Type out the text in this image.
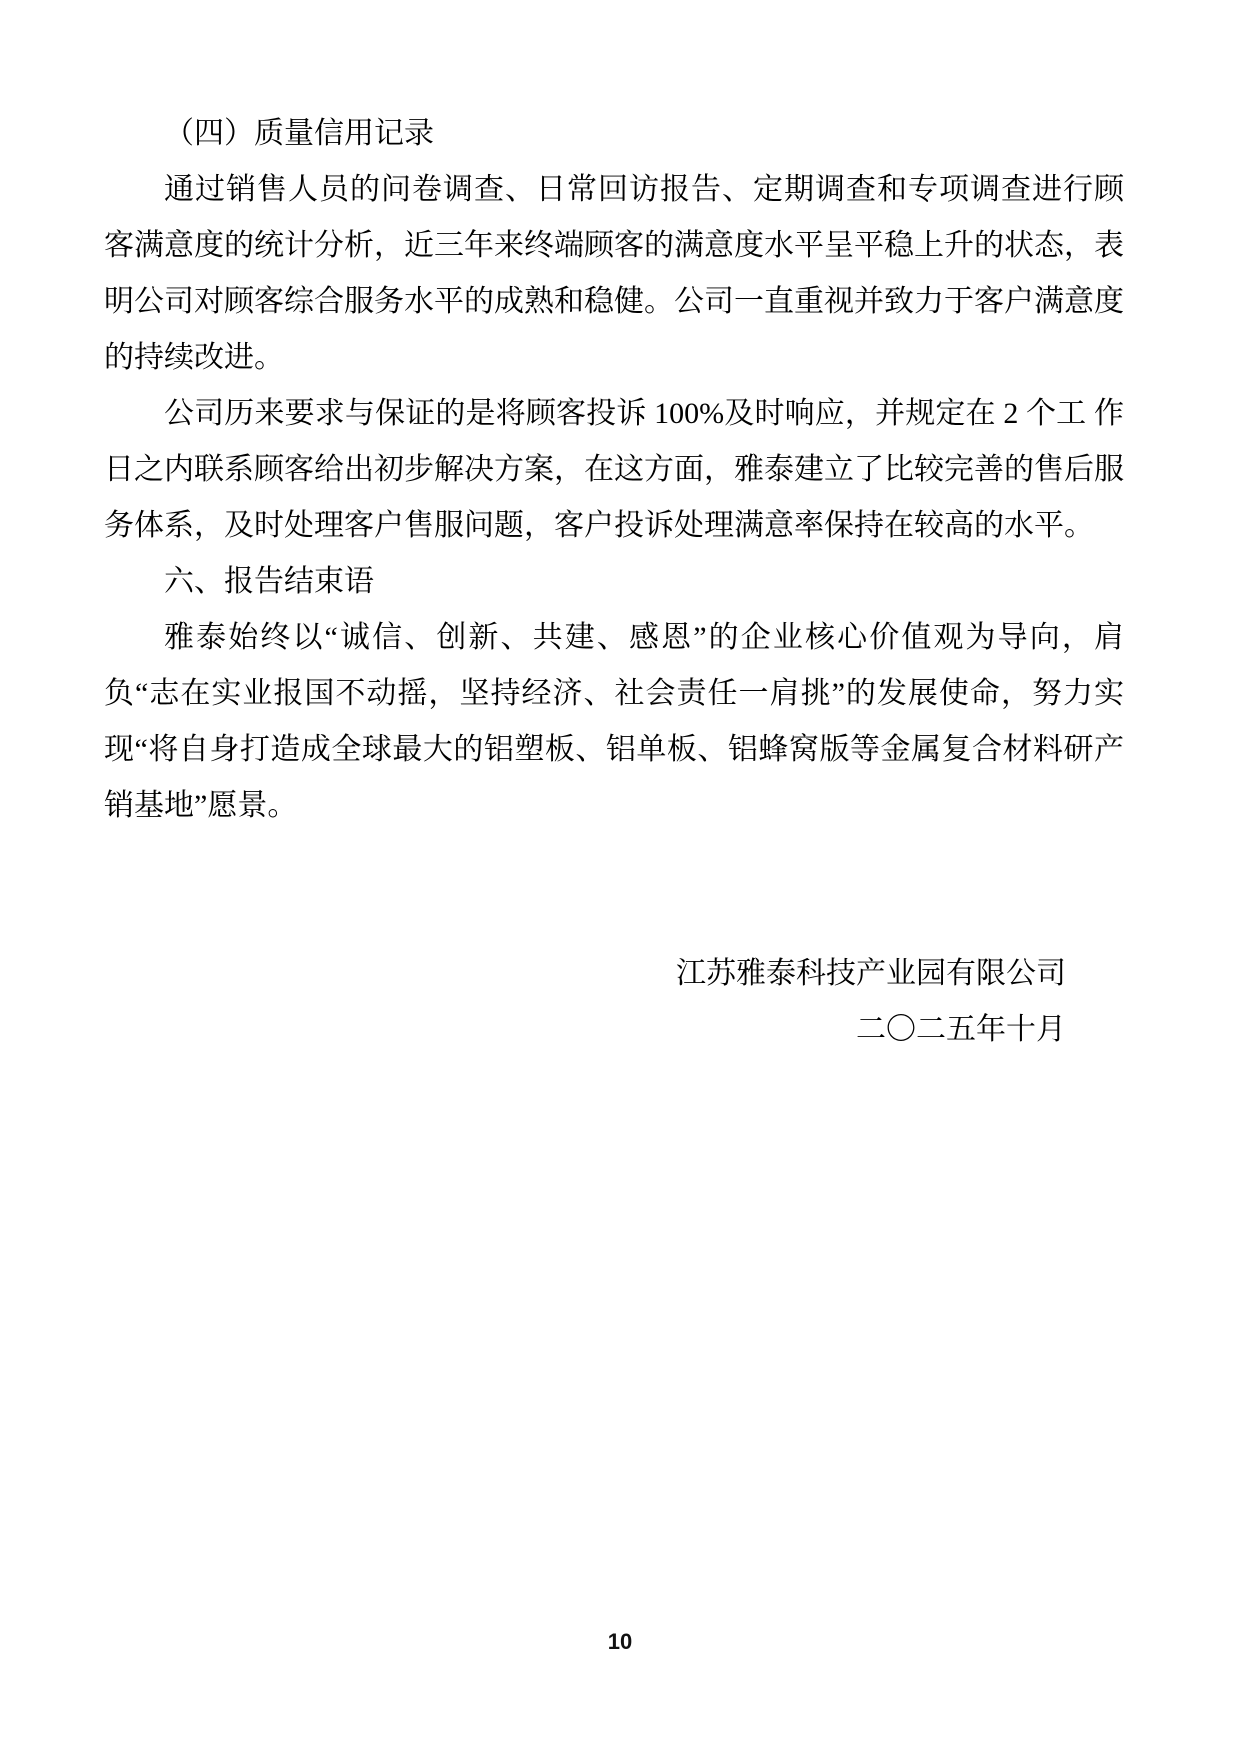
（四）质量信用记录

通过销售人员的问卷调查、日常回访报告、定期调查和专项调查进行顾 客满意度的统计分析，近三年来终端顾客的满意度水平呈平稳上升的状态，表明公司对顾客综合服务水平的成熟和稳健。公司一直重视并致力于客户满意度的持续改进。

公司历来要求与保证的是将顾客投诉 100%及时响应，并规定在 2 个工 作日之内联系顾客给出初步解决方案，在这方面，雅泰建立了比较完善的售后服务体系，及时处理客户售服问题，客户投诉处理满意率保持在较高的水平。

六、报告结束语

雅泰始终以“诚信、创新、共建、感恩”的企业核心价值观为导向，肩负“志在实业报国不动摇，坚持经济、社会责任一肩挑”的发展使命，努力实现“将自身打造成全球最大的铝塑板、铝单板、铝蜂窝版等金属复合材料研产销基地”愿景。

江苏雅泰科技产业园有限公司
二〇二五年十月
10
